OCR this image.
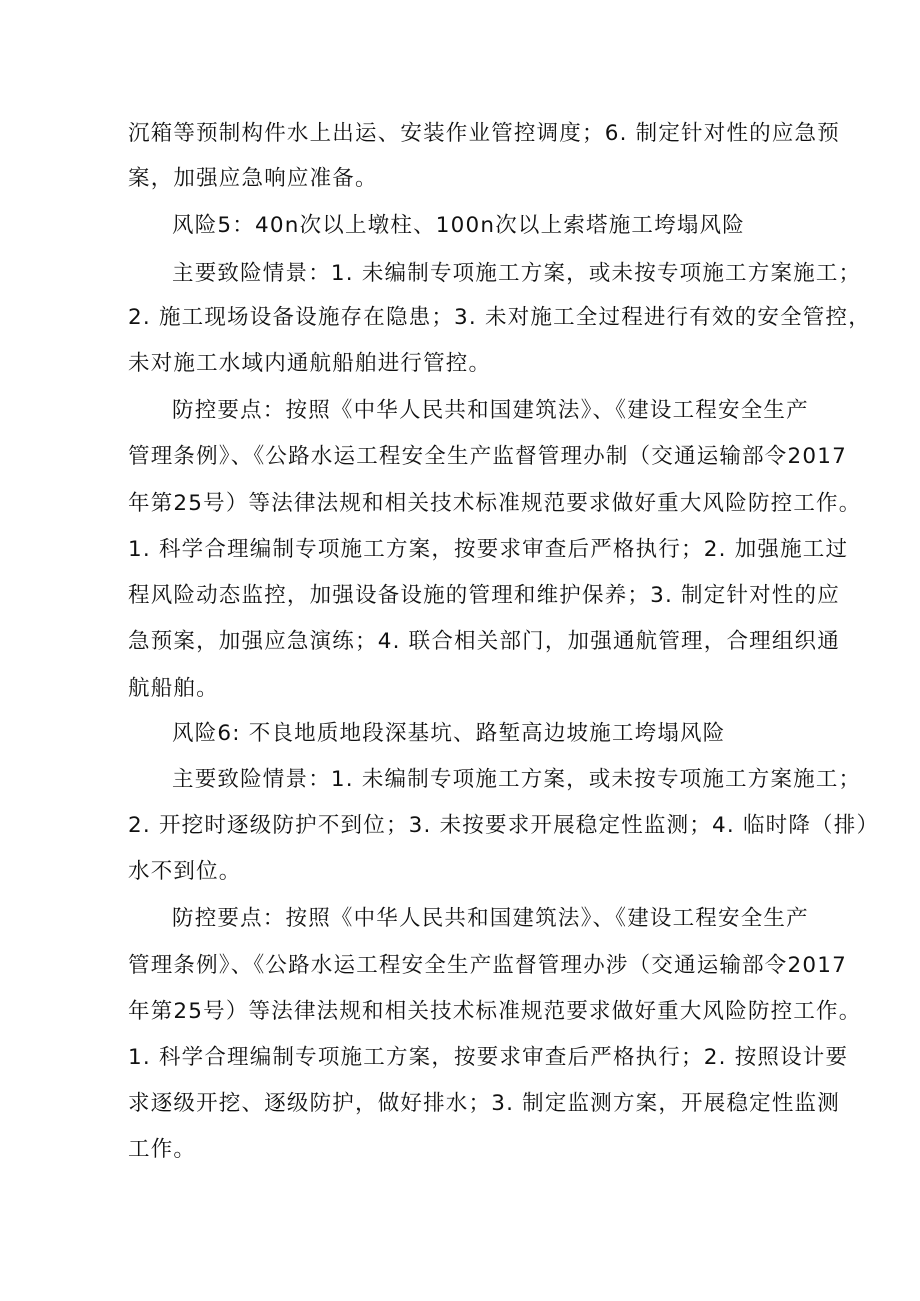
沉箱等预制构件水上出运、安装作业管控调度；6. 制定针对性的应急预
案，加强应急响应准备。
风险5：40n次以上墩柱、100n次以上索塔施工垮塌风险
主要致险情景：1. 未编制专项施工方案，或未按专项施工方案施工；
2. 施工现场设备设施存在隐患；3. 未对施工全过程进行有效的安全管控，
未对施工水域内通航船舶进行管控。
防控要点：按照《中华人民共和国建筑法》、《建设工程安全生产
管理条例》、《公路水运工程安全生产监督管理办制（交通运输部令2017
年第25号）等法律法规和相关技术标准规范要求做好重大风险防控工作。
1. 科学合理编制专项施工方案，按要求审查后严格执行；2. 加强施工过
程风险动态监控，加强设备设施的管理和维护保养；3. 制定针对性的应
急预案，加强应急演练；4. 联合相关部门，加强通航管理，合理组织通
航船舶。
风险6: 不良地质地段深基坑、路堑高边坡施工垮塌风险
主要致险情景：1. 未编制专项施工方案，或未按专项施工方案施工；
2. 开挖时逐级防护不到位；3. 未按要求开展稳定性监测；4. 临时降（排）
水不到位。
防控要点：按照《中华人民共和国建筑法》、《建设工程安全生产
管理条例》、《公路水运工程安全生产监督管理办涉（交通运输部令2017
年第25号）等法律法规和相关技术标准规范要求做好重大风险防控工作。
1. 科学合理编制专项施工方案，按要求审查后严格执行；2. 按照设计要
求逐级开挖、逐级防护，做好排水；3. 制定监测方案，开展稳定性监测
工作。
